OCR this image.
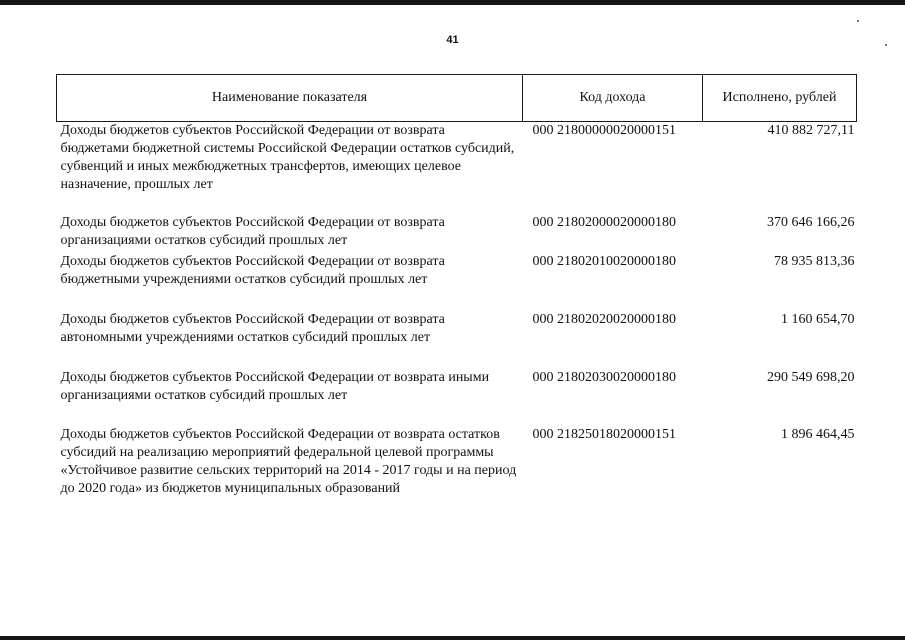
41
Наименование показателя	Код дохода	Исполнено, рублей
Доходы бюджетов субъектов Российской Федерации от возврата бюджетами бюджетной системы Российской Федерации остатков субсидий, субвенций и иных межбюджетных трансфертов, имеющих целевое назначение, прошлых лет	000 21800000020000151	410 882 727,11
Доходы бюджетов субъектов Российской Федерации от возврата организациями остатков субсидий прошлых лет	000 21802000020000180	370 646 166,26
Доходы бюджетов субъектов Российской Федерации от возврата бюджетными учреждениями остатков субсидий прошлых лет	000 21802010020000180	78 935 813,36
Доходы бюджетов субъектов Российской Федерации от возврата автономными учреждениями остатков субсидий прошлых лет	000 21802020020000180	1 160 654,70
Доходы бюджетов субъектов Российской Федерации от возврата иными организациями остатков субсидий прошлых лет	000 21802030020000180	290 549 698,20
Доходы бюджетов субъектов Российской Федерации от возврата остатков субсидий на реализацию мероприятий федеральной целевой программы «Устойчивое развитие сельских территорий на 2014 - 2017 годы и на период до 2020 года» из бюджетов муниципальных образований	000 21825018020000151	1 896 464,45
